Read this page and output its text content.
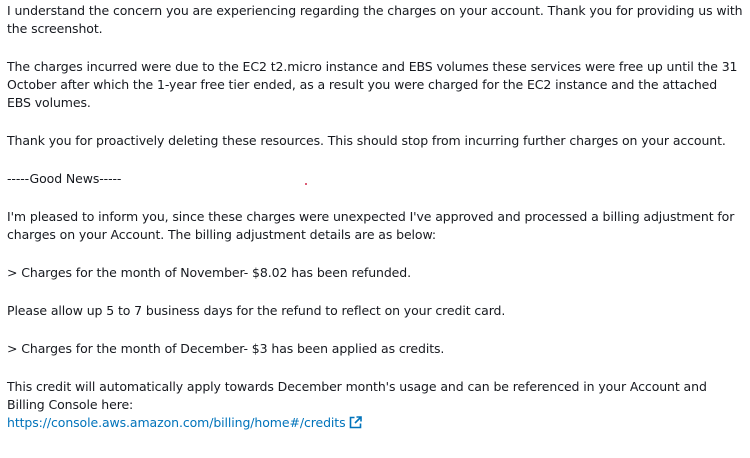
I understand the concern you are experiencing regarding the charges on your account. Thank you for providing us with the screenshot.

The charges incurred were due to the EC2 t2.micro instance and EBS volumes these services were free up until the 31 October after which the 1-year free tier ended, as a result you were charged for the EC2 instance and the attached EBS volumes.

Thank you for proactively deleting these resources. This should stop from incurring further charges on your account.

-----Good News-----

I'm pleased to inform you, since these charges were unexpected I've approved and processed a billing adjustment for charges on your Account. The billing adjustment details are as below:

> Charges for the month of November- $8.02 has been refunded.

Please allow up 5 to 7 business days for the refund to reflect on your credit card.

> Charges for the month of December- $3 has been applied as credits.

This credit will automatically apply towards December month's usage and can be referenced in your Account and Billing Console here:

https://console.aws.amazon.com/billing/home#/credits
